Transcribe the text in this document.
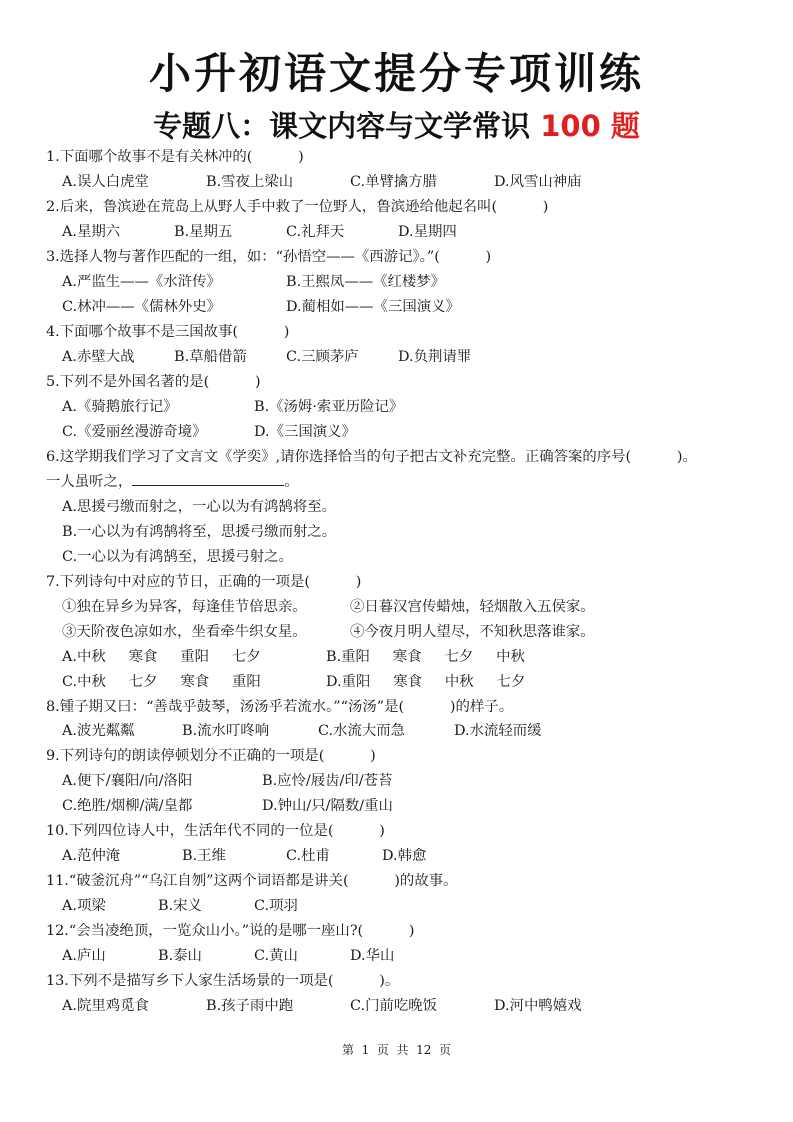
小升初语文提分专项训练
专题八：课文内容与文学常识 100 题
1.下面哪个故事不是有关林冲的(          )
A.误人白虎堂	B.雪夜上梁山	C.单臂擒方腊	D.风雪山神庙
2.后来，鲁滨逊在荒岛上从野人手中救了一位野人，鲁滨逊给他起名叫(          )
A.星期六	B.星期五	C.礼拜天	D.星期四
3.选择人物与著作匹配的一组，如：“孙悟空——《西游记》。”(          )
A.严监生——《水浒传》	B.王熙凤——《红楼梦》
C.林冲——《儒林外史》	D.蔺相如——《三国演义》
4.下面哪个故事不是三国故事(          )
A.赤壁大战	B.草船借箭	C.三顾茅庐	D.负荆请罪
5.下列不是外国名著的是(          )
A.《骑鹅旅行记》	B.《汤姆·索亚历险记》
C.《爱丽丝漫游奇境》	D.《三国演义》
6.这学期我们学习了文言文《学奕》,请你选择恰当的句子把古文补充完整。正确答案的序号(          )。
一人虽听之，	。
A.思援弓缴而射之，一心以为有鸿鹄将至。
B.一心以为有鸿鹄将至，思援弓缴而射之。
C.一心以为有鸿鹄至，思援弓射之。
7.下列诗句中对应的节日，正确的一项是(          )
①独在异乡为异客，每逢佳节倍思亲。	②日暮汉宫传蜡烛，轻烟散入五侯家。
③天阶夜色凉如水，坐看牵牛织女星。	④今夜月明人望尽，不知秋思落谁家。
A.中秋     寒食     重阳     七夕	B.重阳     寒食     七夕     中秋
C.中秋     七夕     寒食     重阳	D.重阳     寒食     中秋     七夕
8.锺子期又曰：“善哉乎鼓琴，汤汤乎若流水。”“汤汤”是(          )的样子。
A.波光粼粼	B.流水叮咚响	C.水流大而急	D.水流轻而缓
9.下列诗句的朗读停顿划分不正确的一项是(          )
A.便下/襄阳/向/洛阳	B.应怜/屐齿/印/苍苔
C.绝胜/烟柳/满/皇都	D.钟山/只/隔数/重山
10.下列四位诗人中，生活年代不同的一位是(          )
A.范仲淹	B.王维	C.杜甫	D.韩愈
11.“破釜沉舟”“乌江自刎”这两个词语都是讲关(          )的故事。
A.项梁	B.宋义	C.项羽
12.“会当凌绝顶，一览众山小。”说的是哪一座山?(          )
A.庐山	B.泰山	C.黄山	D.华山
13.下列不是描写乡下人家生活场景的一项是(          )。
A.院里鸡觅食	B.孩子雨中跑	C.门前吃晚饭	D.河中鸭嬉戏
第  1  页  共  12  页
